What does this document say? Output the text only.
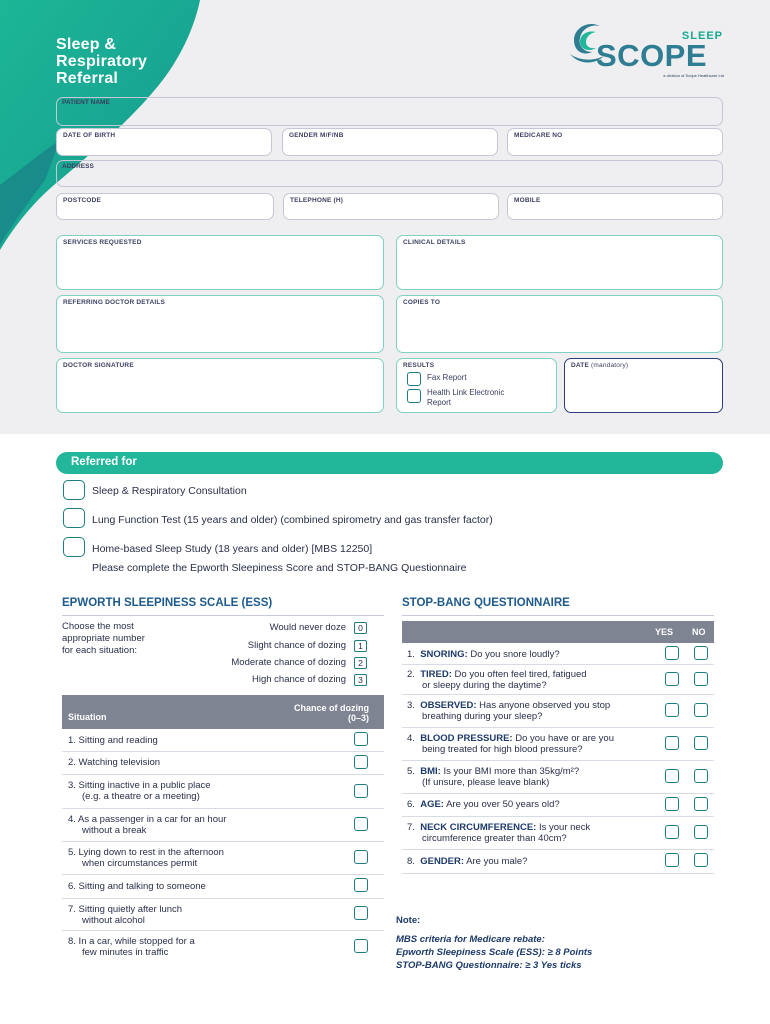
Sleep &
Respiratory
Referral
SLEEP
SCOPE
a division of Scope Healthcare Ltd
PATIENT NAME
DATE OF BIRTH	GENDER M/F/NB	MEDICARE NO
ADDRESS
POSTCODE	TELEPHONE (H)	MOBILE
SERVICES REQUESTED	CLINICAL DETAILS
REFERRING DOCTOR DETAILS	COPIES TO
DOCTOR SIGNATURE	RESULTS
Fax Report
Health Link Electronic
Report
DATE (mandatory)
Referred for
Sleep & Respiratory Consultation
Lung Function Test (15 years and older) (combined spirometry and gas transfer factor)
Home-based Sleep Study (18 years and older) [MBS 12250]
Please complete the Epworth Sleepiness Score and STOP-BANG Questionnaire
EPWORTH SLEEPINESS SCALE (ESS)
Choose the most
appropriate number
for each situation:
Would never doze	0
Slight chance of dozing	1
Moderate chance of dozing	2
High chance of dozing	3
Situation
Chance of dozing
(0–3)
1. Sitting and reading
2. Watching television
3. Sitting inactive in a public place
(e.g. a theatre or a meeting)
4. As a passenger in a car for an hour
without a break
5. Lying down to rest in the afternoon
when circumstances permit
6. Sitting and talking to someone
7. Sitting quietly after lunch
without alcohol
8. In a car, while stopped for a
few minutes in traffic
STOP-BANG QUESTIONNAIRE
YES NO
1. SNORING: Do you snore loudly?
2. TIRED: Do you often feel tired, fatigued
or sleepy during the daytime?
3. OBSERVED: Has anyone observed you stop
breathing during your sleep?
4. BLOOD PRESSURE: Do you have or are you
being treated for high blood pressure?
5. BMI: Is your BMI more than 35kg/m²?
(If unsure, please leave blank)
6. AGE: Are you over 50 years old?
7. NECK CIRCUMFERENCE: Is your neck
circumference greater than 40cm?
8. GENDER: Are you male?
Note:
MBS criteria for Medicare rebate:
Epworth Sleepiness Scale (ESS): ≥ 8 Points
STOP-BANG Questionnaire: ≥ 3 Yes ticks
